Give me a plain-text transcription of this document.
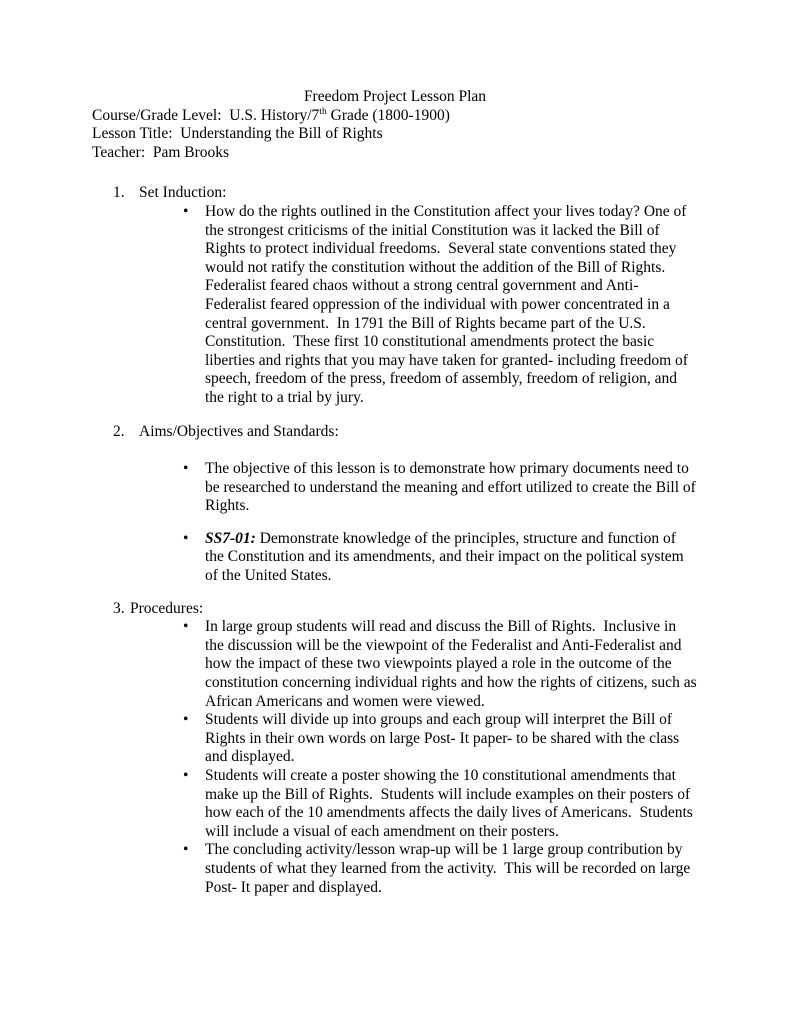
Freedom Project Lesson Plan
Course/Grade Level:  U.S. History/7th Grade (1800-1900)
Lesson Title:  Understanding the Bill of Rights
Teacher:  Pam Brooks
1. Set Induction:
•	How do the rights outlined in the Constitution affect your lives today? One of the strongest criticisms of the initial Constitution was it lacked the Bill of Rights to protect individual freedoms.  Several state conventions stated they would not ratify the constitution without the addition of the Bill of Rights.  Federalist feared chaos without a strong central government and Anti-Federalist feared oppression of the individual with power concentrated in a central government.  In 1791 the Bill of Rights became part of the U.S. Constitution.  These first 10 constitutional amendments protect the basic liberties and rights that you may have taken for granted- including freedom of speech, freedom of the press, freedom of assembly, freedom of religion, and the right to a trial by jury.
2. Aims/Objectives and Standards:
•	The objective of this lesson is to demonstrate how primary documents need to be researched to understand the meaning and effort utilized to create the Bill of Rights.
•	SS7-01: Demonstrate knowledge of the principles, structure and function of the Constitution and its amendments, and their impact on the political system of the United States.
3. Procedures:
•	In large group students will read and discuss the Bill of Rights.  Inclusive in the discussion will be the viewpoint of the Federalist and Anti-Federalist and how the impact of these two viewpoints played a role in the outcome of the constitution concerning individual rights and how the rights of citizens, such as African Americans and women were viewed.
•	Students will divide up into groups and each group will interpret the Bill of Rights in their own words on large Post- It paper- to be shared with the class and displayed.
•	Students will create a poster showing the 10 constitutional amendments that make up the Bill of Rights.  Students will include examples on their posters of how each of the 10 amendments affects the daily lives of Americans.  Students will include a visual of each amendment on their posters.
•	The concluding activity/lesson wrap-up will be 1 large group contribution by students of what they learned from the activity.  This will be recorded on large Post- It paper and displayed.
